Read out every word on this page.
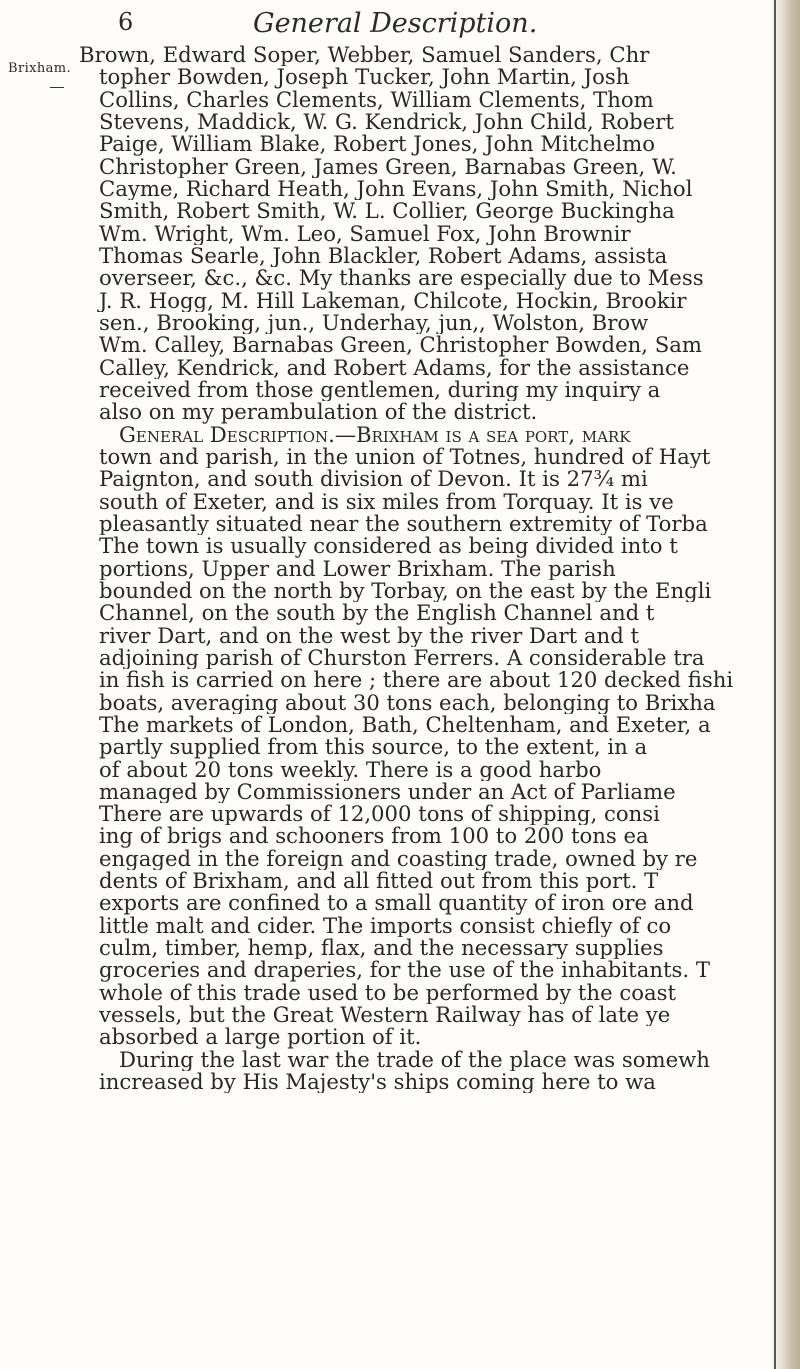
6	General Description.
Brixham.
Brown, Edward Soper, Webber, Samuel Sanders, Chr
topher Bowden, Joseph Tucker, John Martin, Josh
Collins, Charles Clements, William Clements, Thom
Stevens, Maddick, W. G. Kendrick, John Child, Robert
Paige, William Blake, Robert Jones, John Mitchelmo
Christopher Green, James Green, Barnabas Green, W.
Cayme, Richard Heath, John Evans, John Smith, Nichol
Smith, Robert Smith, W. L. Collier, George Buckingha
Wm. Wright, Wm. Leo, Samuel Fox, John Brownir
Thomas Searle, John Blackler, Robert Adams, assista
overseer, &c., &c. My thanks are especially due to Mess
J. R. Hogg, M. Hill Lakeman, Chilcote, Hockin, Brookir
sen., Brooking, jun., Underhay, jun,, Wolston, Brow
Wm. Calley, Barnabas Green, Christopher Bowden, Sam
Calley, Kendrick, and Robert Adams, for the assistance
received from those gentlemen, during my inquiry a
also on my perambulation of the district.
General Description.—Brixham is a sea port, mark
town and parish, in the union of Totnes, hundred of Hayt
Paignton, and south division of Devon. It is 27¾ mi
south of Exeter, and is six miles from Torquay. It is ve
pleasantly situated near the southern extremity of Torba
The town is usually considered as being divided into t
portions, Upper and Lower Brixham. The parish
bounded on the north by Torbay, on the east by the Engli
Channel, on the south by the English Channel and t
river Dart, and on the west by the river Dart and t
adjoining parish of Churston Ferrers. A considerable tra
in fish is carried on here ; there are about 120 decked fishi
boats, averaging about 30 tons each, belonging to Brixha
The markets of London, Bath, Cheltenham, and Exeter, a
partly supplied from this source, to the extent, in a
of about 20 tons weekly. There is a good harbo
managed by Commissioners under an Act of Parliame
There are upwards of 12,000 tons of shipping, consi
ing of brigs and schooners from 100 to 200 tons ea
engaged in the foreign and coasting trade, owned by re
dents of Brixham, and all fitted out from this port. T
exports are confined to a small quantity of iron ore and
little malt and cider. The imports consist chiefly of co
culm, timber, hemp, flax, and the necessary supplies
groceries and draperies, for the use of the inhabitants. T
whole of this trade used to be performed by the coast
vessels, but the Great Western Railway has of late ye
absorbed a large portion of it.
During the last war the trade of the place was somewh
increased by His Majesty's ships coming here to wa
